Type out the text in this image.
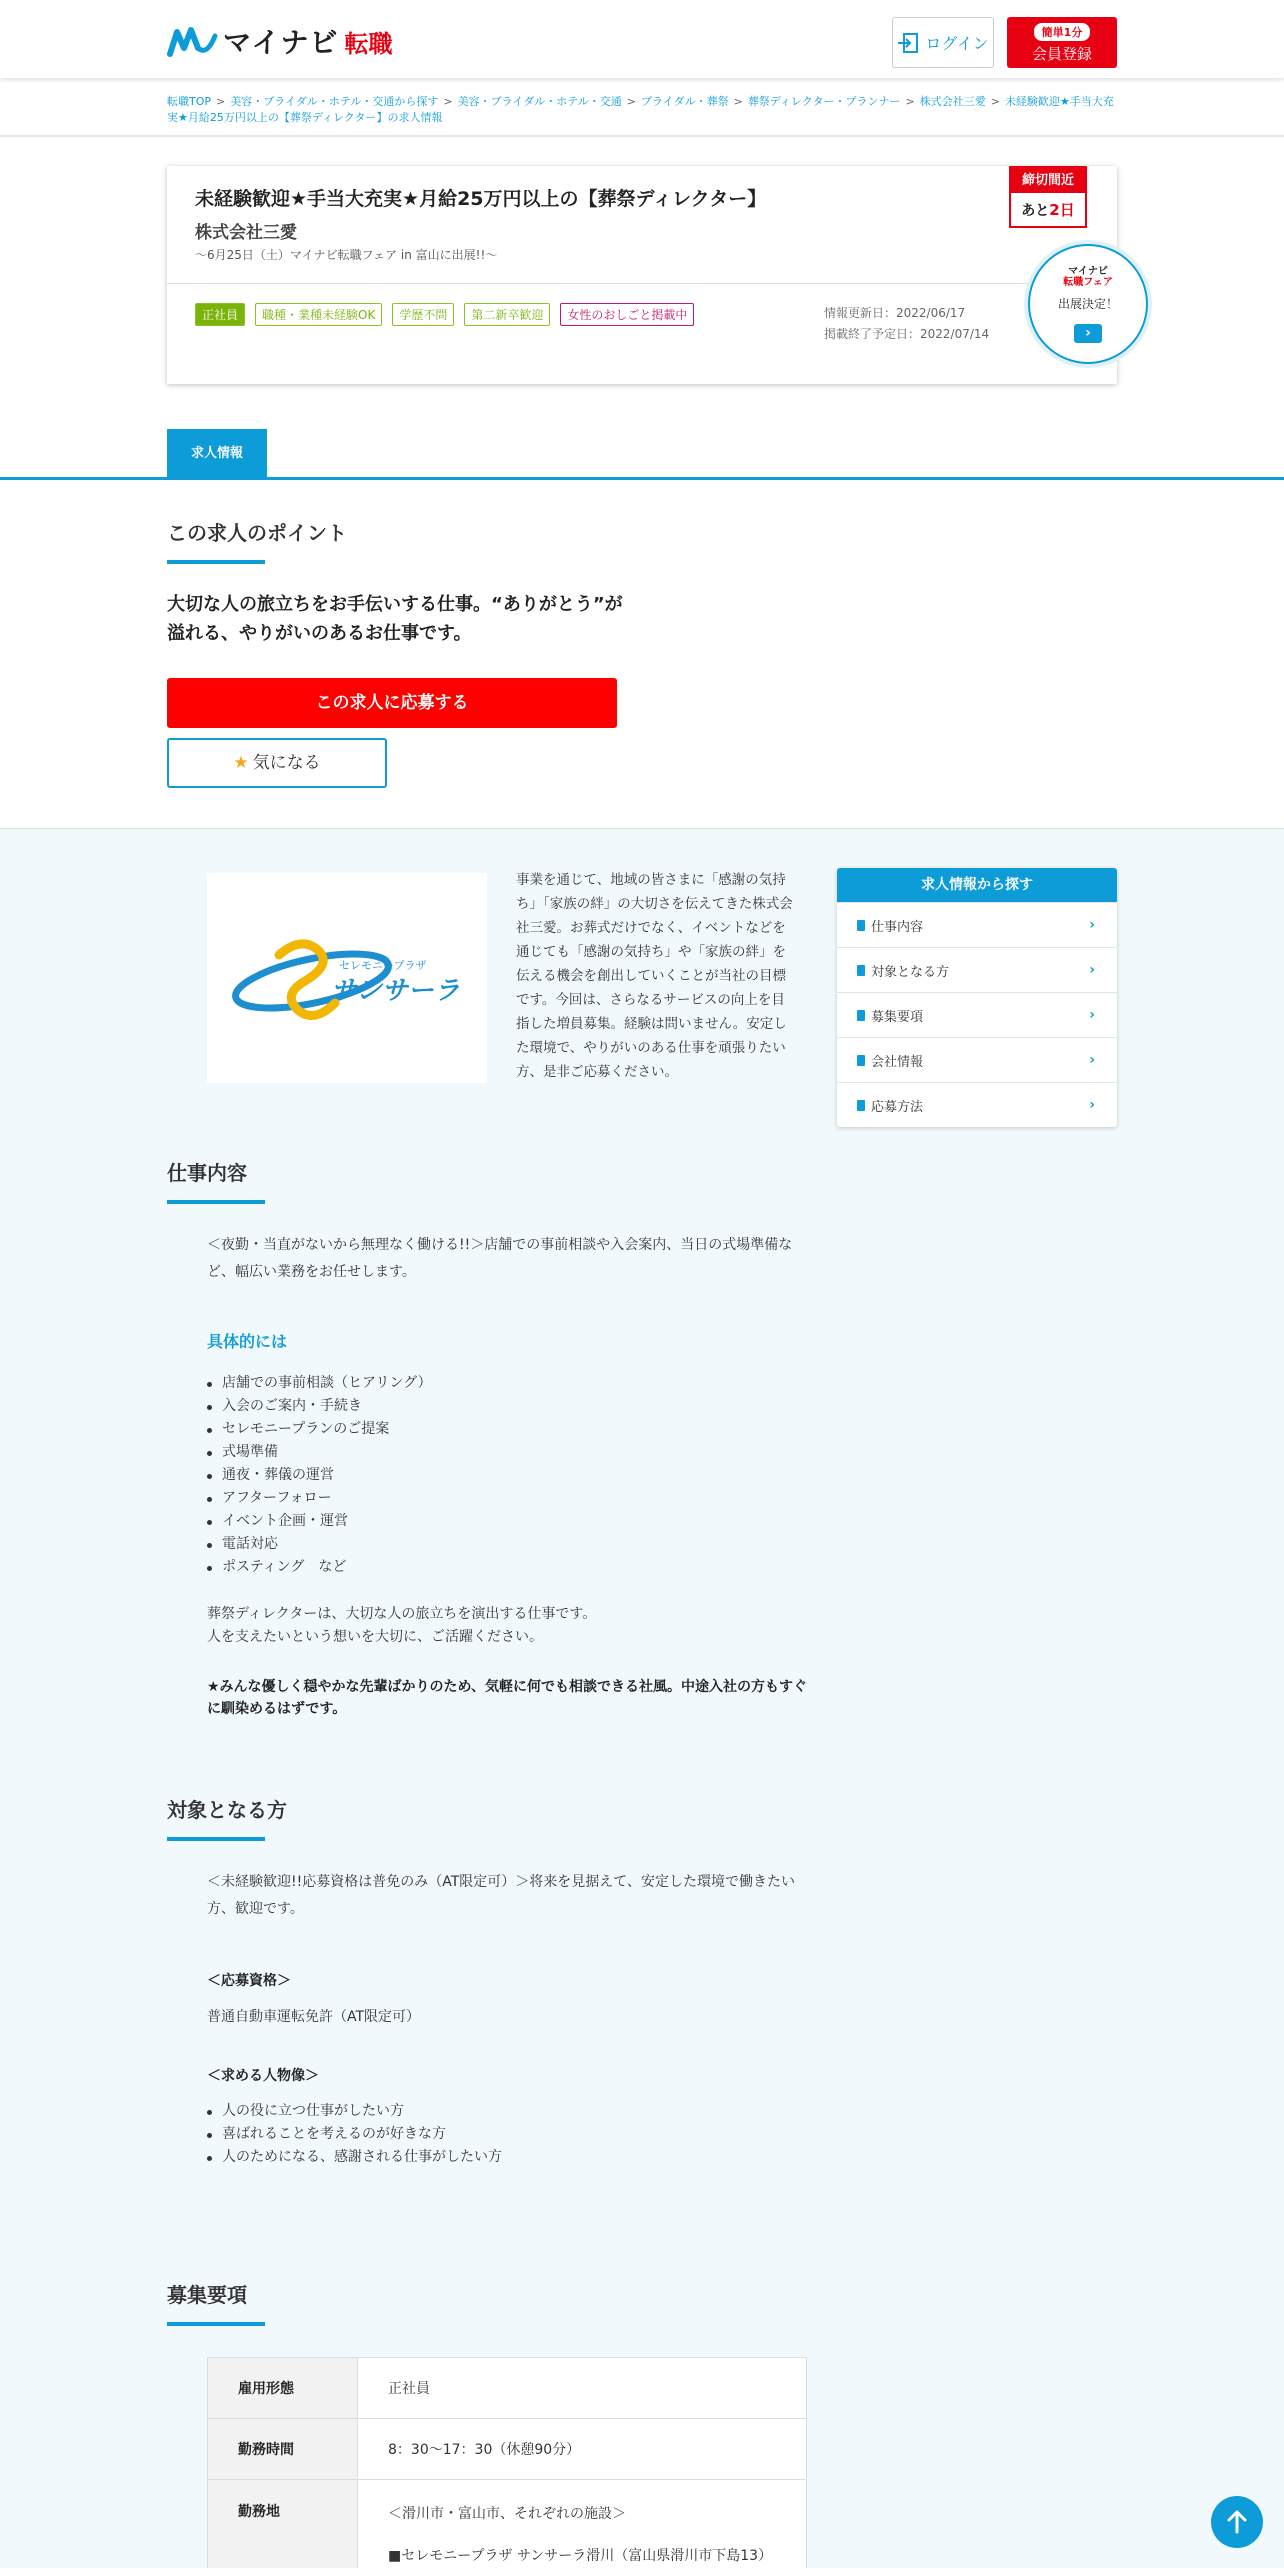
マイナビ 転職	ログイン
簡単1分
会員登録
転職TOP > 美容・ブライダル・ホテル・交通から探す > 美容・ブライダル・ホテル・交通 > ブライダル・葬祭 > 葬祭ディレクター・プランナー > 株式会社三愛 > 未経験歓迎★手当大充実★月給25万円以上の【葬祭ディレクター】の求人情報
未経験歓迎★手当大充実★月給25万円以上の【葬祭ディレクター】
株式会社三愛
～6月25日（土）マイナビ転職フェア in 富山に出展!!～
正社員	職種・業種未経験OK	学歴不問	第二新卒歓迎	女性のおしごと掲載中	情報更新日：2022/06/17
掲載終了予定日：2022/07/14
締切間近
あと2日
マイナビ
転職フェア
出展決定！
›
求人情報
この求人のポイント
大切な人の旅立ちをお手伝いする仕事。“ありがとう”が溢れる、やりがいのあるお仕事です。
この求人に応募する
★ 気になる
セレモニープラザ
サンサーラ
事業を通じて、地域の皆さまに「感謝の気持ち」「家族の絆」の大切さを伝えてきた株式会社三愛。お葬式だけでなく、イベントなどを通じても「感謝の気持ち」や「家族の絆」を伝える機会を創出していくことが当社の目標です。今回は、さらなるサービスの向上を目指した増員募集。経験は問いません。安定した環境で、やりがいのある仕事を頑張りたい方、是非ご応募ください。
求人情報から探す
仕事内容	›
対象となる方	›
募集要項	›
会社情報	›
応募方法	›
仕事内容
＜夜勤・当直がないから無理なく働ける!!＞店舗での事前相談や入会案内、当日の式場準備など、幅広い業務をお任せします。
具体的には
店舗での事前相談（ヒアリング）
入会のご案内・手続き
セレモニープランのご提案
式場準備
通夜・葬儀の運営
アフターフォロー
イベント企画・運営
電話対応
ポスティング　など
葬祭ディレクターは、大切な人の旅立ちを演出する仕事です。
人を支えたいという想いを大切に、ご活躍ください。
★みんな優しく穏やかな先輩ばかりのため、気軽に何でも相談できる社風。中途入社の方もすぐに馴染めるはずです。
対象となる方
＜未経験歓迎!!応募資格は普免のみ（AT限定可）＞将来を見据えて、安定した環境で働きたい方、歓迎です。
＜応募資格＞
普通自動車運転免許（AT限定可）
＜求める人物像＞
人の役に立つ仕事がしたい方
喜ばれることを考えるのが好きな方
人のためになる、感謝される仕事がしたい方
募集要項
雇用形態	正社員
勤務時間	8：30～17：30（休憩90分）
勤務地	＜滑川市・富山市、それぞれの施設＞
■セレモニープラザ サンサーラ滑川（富山県滑川市下島13）
